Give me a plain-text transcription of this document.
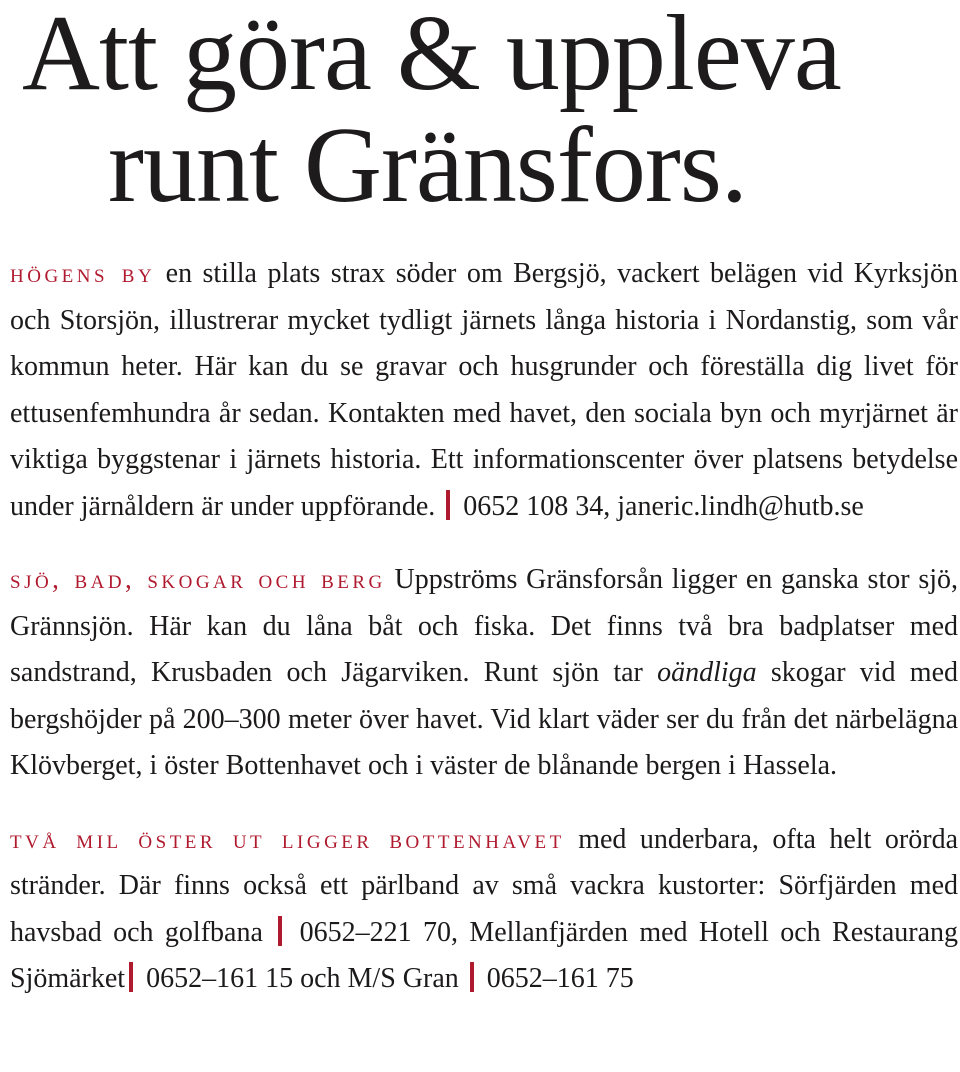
Att göra & uppleva
runt Gränsfors.

högens by en stilla plats strax söder om Bergsjö, vackert belägen vid Kyrksjön och Storsjön, illustrerar mycket tydligt järnets långa historia i Nordanstig, som vår kommun heter. Här kan du se gravar och husgrunder och föreställa dig livet för ettusenfemhundra år sedan. Kontakten med havet, den sociala byn och myrjärnet är viktiga byggstenar i järnets historia. Ett informationscenter över platsens betydelse under järnåldern är under uppförande.  0652 108 34, janeric.lindh@hutb.se

sjö, bad, skogar och berg Uppströms Gränsforsån ligger en ganska stor sjö, Grännsjön. Här kan du låna båt och fiska. Det finns två bra badplatser med sandstrand, Krusbaden och Jägarviken. Runt sjön tar oändliga skogar vid med bergshöjder på 200–300 meter över havet. Vid klart väder ser du från det närbelägna Klövberget, i öster Bottenhavet och i väster de blånande bergen i Hassela.

två mil öster ut ligger bottenhavet med underbara, ofta helt orörda stränder. Där finns också ett pärlband av små vackra kustorter: Sörfjärden med havsbad och golfbana  0652–221 70, Mellanfjärden med Hotell och Restaurang Sjömärket 0652–161 15 och M/S Gran  0652–161 75
